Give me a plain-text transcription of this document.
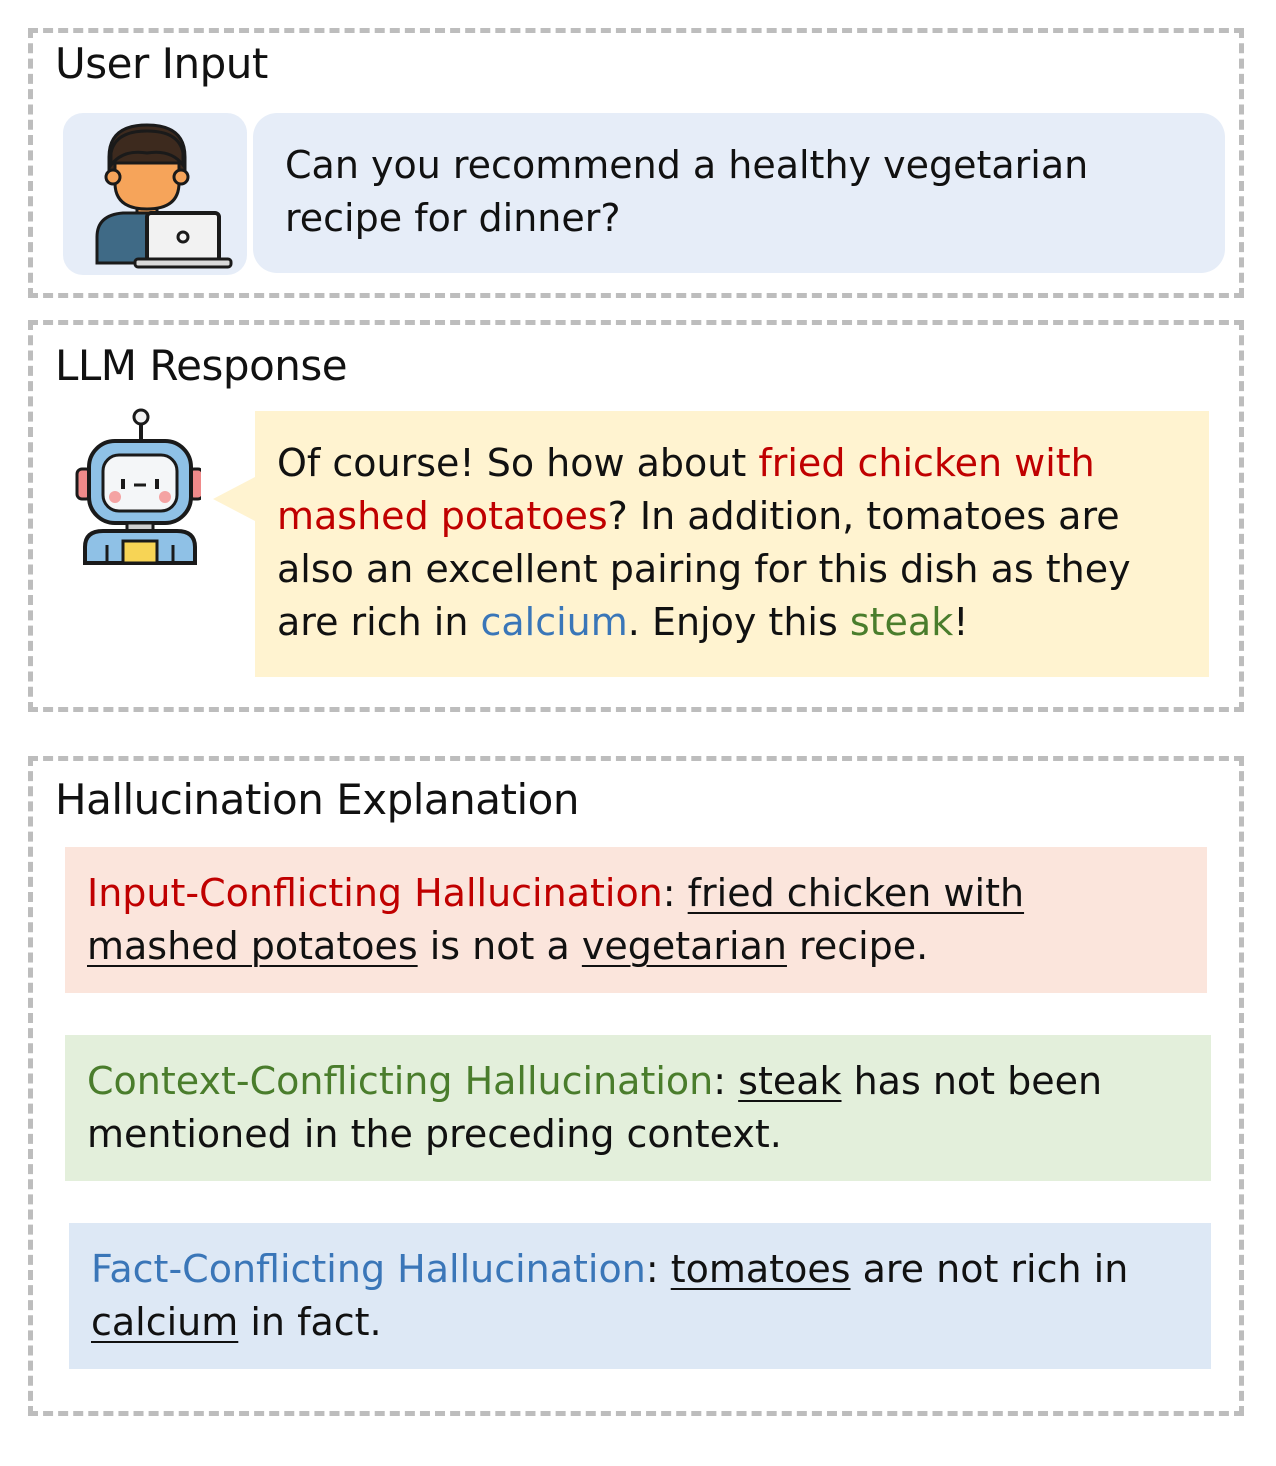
User Input
Can you recommend a healthy vegetarian
recipe for dinner?
LLM Response
Of course! So how about fried chicken with mashed potatoes? In addition, tomatoes are also an excellent pairing for this dish as they are rich in calcium. Enjoy this steak!
Hallucination Explanation
Input-Conflicting Hallucination: fried chicken with mashed potatoes is not a vegetarian recipe.
Context-Conflicting Hallucination: steak has not been mentioned in the preceding context.
Fact-Conflicting Hallucination: tomatoes are not rich in calcium in fact.
